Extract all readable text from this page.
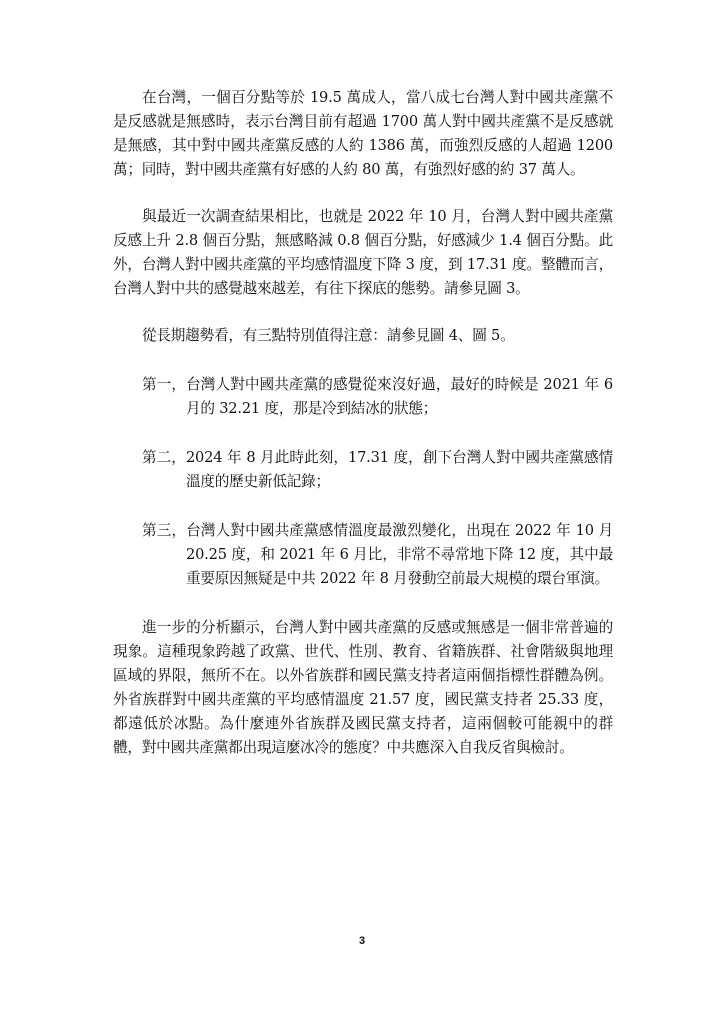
在台灣，一個百分點等於 19.5 萬成人，當八成七台灣人對中國共產黨不是反感就是無感時，表示台灣目前有超過 1700 萬人對中國共產黨不是反感就是無感，其中對中國共產黨反感的人約 1386 萬，而強烈反感的人超過 1200 萬；同時，對中國共產黨有好感的人約 80 萬，有強烈好感的約 37 萬人。

與最近一次調查結果相比，也就是 2022 年 10 月，台灣人對中國共產黨反感上升 2.8 個百分點，無感略減 0.8 個百分點，好感減少 1.4 個百分點。此外，台灣人對中國共產黨的平均感情溫度下降 3 度，到 17.31 度。整體而言，台灣人對中共的感覺越來越差，有往下探底的態勢。請參見圖 3。

從長期趨勢看，有三點特別值得注意：請參見圖 4、圖 5。

第一，台灣人對中國共產黨的感覺從來沒好過，最好的時候是 2021 年 6 月的 32.21 度，那是冷到結冰的狀態；

第二，2024 年 8 月此時此刻，17.31 度，創下台灣人對中國共產黨感情溫度的歷史新低記錄；

第三，台灣人對中國共產黨感情溫度最激烈變化，出現在 2022 年 10 月 20.25 度，和 2021 年 6 月比，非常不尋常地下降 12 度，其中最重要原因無疑是中共 2022 年 8 月發動空前最大規模的環台軍演。

進一步的分析顯示，台灣人對中國共產黨的反感或無感是一個非常普遍的現象。這種現象跨越了政黨、世代、性別、教育、省籍族群、社會階級與地理區域的界限，無所不在。以外省族群和國民黨支持者這兩個指標性群體為例。外省族群對中國共產黨的平均感情溫度 21.57 度，國民黨支持者 25.33 度，都遠低於冰點。為什麼連外省族群及國民黨支持者，這兩個較可能親中的群體，對中國共產黨都出現這麼冰冷的態度？中共應深入自我反省與檢討。

3
